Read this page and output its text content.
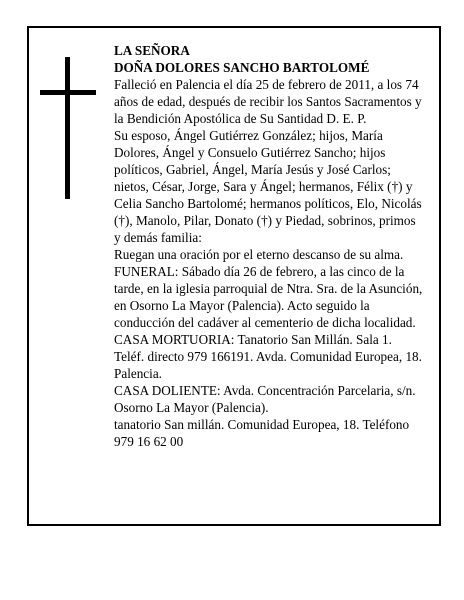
LA SEÑORA

DOÑA DOLORES SANCHO BARTOLOMÉ

Falleció en Palencia el día 25 de febrero de 2011, a los 74 años de edad, después de recibir los Santos Sacramentos y la Bendición Apostólica de Su Santidad D. E. P.

Su esposo, Ángel Gutiérrez González; hijos, María Dolores, Ángel y Consuelo Gutiérrez Sancho; hijos políticos, Gabriel, Ángel, María Jesús y José Carlos; nietos, César, Jorge, Sara y Ángel; hermanos, Félix (†) y Celia Sancho Bartolomé; hermanos políticos, Elo, Nicolás (†), Manolo, Pilar, Donato (†) y Piedad, sobrinos, primos y demás familia:

Ruegan una oración por el eterno descanso de su alma.

FUNERAL: Sábado día 26 de febrero, a las cinco de la tarde, en la iglesia parroquial de Ntra. Sra. de la Asunción, en Osorno La Mayor (Palencia). Acto seguido la conducción del cadáver al cementerio de dicha localidad.

CASA MORTUORIA: Tanatorio San Millán. Sala 1. Teléf. directo 979 166191. Avda. Comunidad Europea, 18. Palencia.

CASA DOLIENTE: Avda. Concentración Parcelaria, s/n. Osorno La Mayor (Palencia).

tanatorio San millán. Comunidad Europea, 18. Teléfono 979 16 62 00
